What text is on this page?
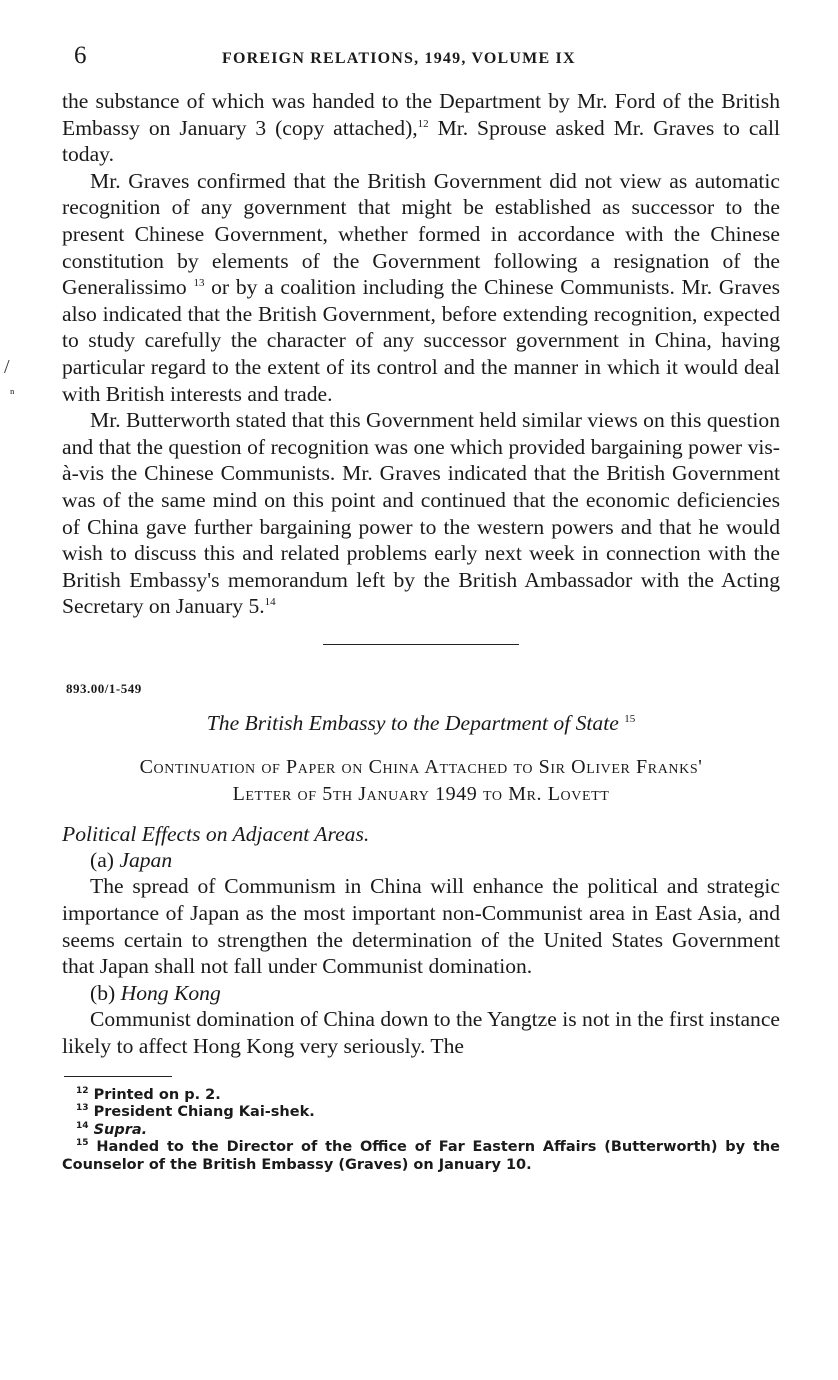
6	FOREIGN RELATIONS, 1949, VOLUME IX
/
ⁿ

the substance of which was handed to the Department by Mr. Ford of the British Embassy on January 3 (copy attached),$^{12}$ Mr. Sprouse asked Mr. Graves to call today.

Mr. Graves confirmed that the British Government did not view as automatic recognition of any government that might be established as successor to the present Chinese Government, whether formed in accordance with the Chinese constitution by elements of the Government following a resignation of the Generalissimo $^{13}$ or by a coalition including the Chinese Communists. Mr. Graves also indicated that the British Government, before extending recognition, expected to study carefully the character of any successor government in China, having particular regard to the extent of its control and the manner in which it would deal with British interests and trade.

Mr. Butterworth stated that this Government held similar views on this question and that the question of recognition was one which provided bargaining power vis-à-vis the Chinese Communists. Mr. Graves indicated that the British Government was of the same mind on this point and continued that the economic deficiencies of China gave further bargaining power to the western powers and that he would wish to discuss this and related problems early next week in connection with the British Embassy's memorandum left by the British Ambassador with the Acting Secretary on January 5.14

893.00/1-549
The British Embassy to the Department of State $^{15}$
Continuation of Paper on China Attached to Sir Oliver Franks'
Letter of 5th January 1949 to Mr. Lovett
Political Effects on Adjacent Areas.
(a) Japan

The spread of Communism in China will enhance the political and strategic importance of Japan as the most important non-Communist area in East Asia, and seems certain to strengthen the determination of the United States Government that Japan shall not fall under Communist domination.

(b) Hong Kong

Communist domination of China down to the Yangtze is not in the first instance likely to affect Hong Kong very seriously. The

$^{12}$ Printed on p. 2.
$^{13}$ President Chiang Kai-shek.
$^{14}$ Supra.
$^{15}$ Handed to the Director of the Office of Far Eastern Affairs (Butterworth) by the Counselor of the British Embassy (Graves) on January 10.
